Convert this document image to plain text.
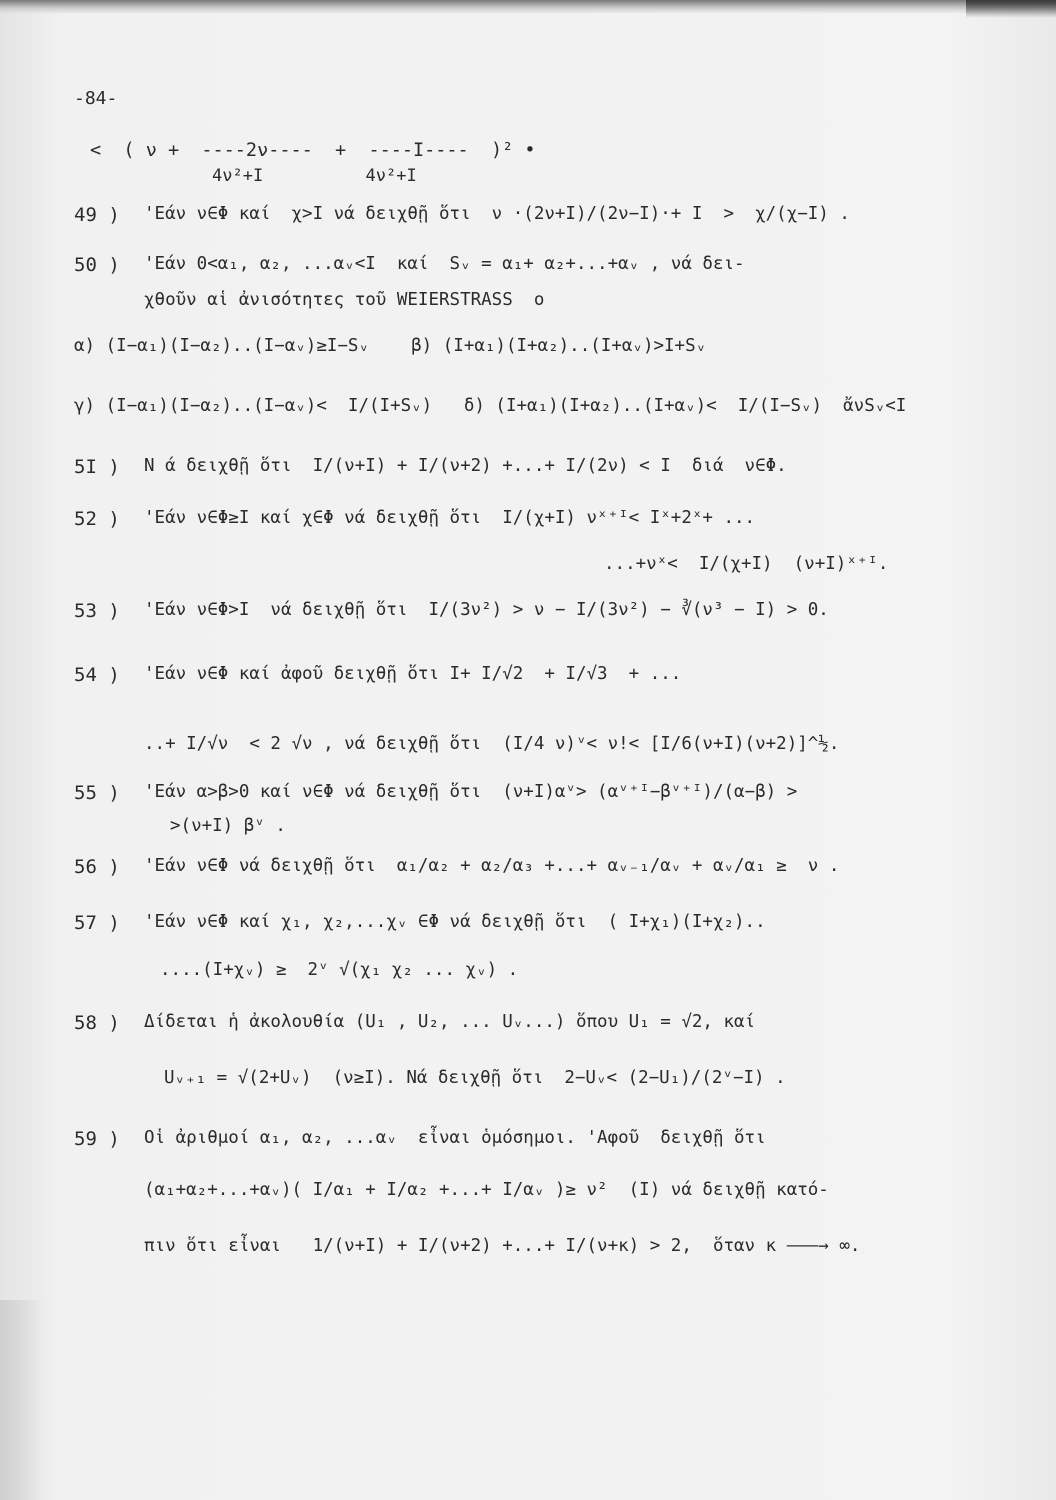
-84-
<  ( ν +  ----2ν----  +  ----I----  )² •
4ν²+I          4ν²+I
49 ) 'Εάν ν∈Φ καί  χ>I νά δειχθῇ ὅτι  ν ·(2ν+I)/(2ν−I)·+ I  >  χ/(χ−I) .
50 ) 'Εάν 0<α₁, α₂, ...αᵥ<I  καί  Sᵥ = α₁+ α₂+...+αᵥ , νά δει-
χθοῦν αἱ ἀνισότητες τοῦ WEIERSTRASS  ο
α) (I−α₁)(I−α₂)..(I−αᵥ)≥I−Sᵥ    β) (I+α₁)(I+α₂)..(I+αᵥ)>I+Sᵥ
γ) (I−α₁)(I−α₂)..(I−αᵥ)<  I/(I+Sᵥ)   δ) (I+α₁)(I+α₂)..(I+αᵥ)<  I/(I−Sᵥ)  ἄνSᵥ<I
5I ) N ά δειχθῇ ὅτι  I/(ν+I) + I/(ν+2) +...+ I/(2ν) < I  διά  ν∈Φ.
52 ) 'Εάν ν∈Φ≥I καί χ∈Φ νά δειχθῇ ὅτι  I/(χ+I) νˣ⁺ᴵ< Iˣ+2ˣ+ ...
...+νˣ<  I/(χ+I)  (ν+I)ˣ⁺ᴵ.
53 ) 'Εάν ν∈Φ>I  νά δειχθῇ ὅτι  I/(3ν²) > ν − I/(3ν²) − ∛(ν³ − I) > 0.
54 ) 'Εάν ν∈Φ καί ἀφοῦ δειχθῇ ὅτι I+ I/√2  + I/√3  + ...
..+ I/√ν  < 2 √ν , νά δειχθῇ ὅτι  (I/4 ν)ᵛ< ν!< [I/6(ν+I)(ν+2)]^½.
55 ) 'Εάν α>β>0 καί ν∈Φ νά δειχθῇ ὅτι  (ν+I)αᵛ> (αᵛ⁺ᴵ−βᵛ⁺ᴵ)/(α−β) >
>(ν+I) βᵛ .
56 ) 'Εάν ν∈Φ νά δειχθῇ ὅτι  α₁/α₂ + α₂/α₃ +...+ αᵥ₋₁/αᵥ + αᵥ/α₁ ≥  ν .
57 ) 'Εάν ν∈Φ καί χ₁, χ₂,...χᵥ ∈Φ νά δειχθῇ ὅτι  ( I+χ₁)(I+χ₂)..
....(I+χᵥ) ≥  2ᵛ √(χ₁ χ₂ ... χᵥ) .
58 ) Δίδεται ἡ ἀκολουθία (U₁ , U₂, ... Uᵥ...) ὅπου U₁ = √2, καί
Uᵥ₊₁ = √(2+Uᵥ)  (ν≥I). Νά δειχθῇ ὅτι  2−Uᵥ< (2−U₁)/(2ᵛ−I) .
59 ) Οἱ ἀριθμοί α₁, α₂, ...αᵥ  εἶναι ὁμόσημοι. 'Αφοῦ  δειχθῇ ὅτι
(α₁+α₂+...+αᵥ)( I/α₁ + I/α₂ +...+ I/αᵥ )≥ ν²  (I) νά δειχθῇ κατό-
πιν ὅτι εἶναι   1/(ν+I) + I/(ν+2) +...+ I/(ν+κ) > 2,  ὅταν κ ———→ ∞.
